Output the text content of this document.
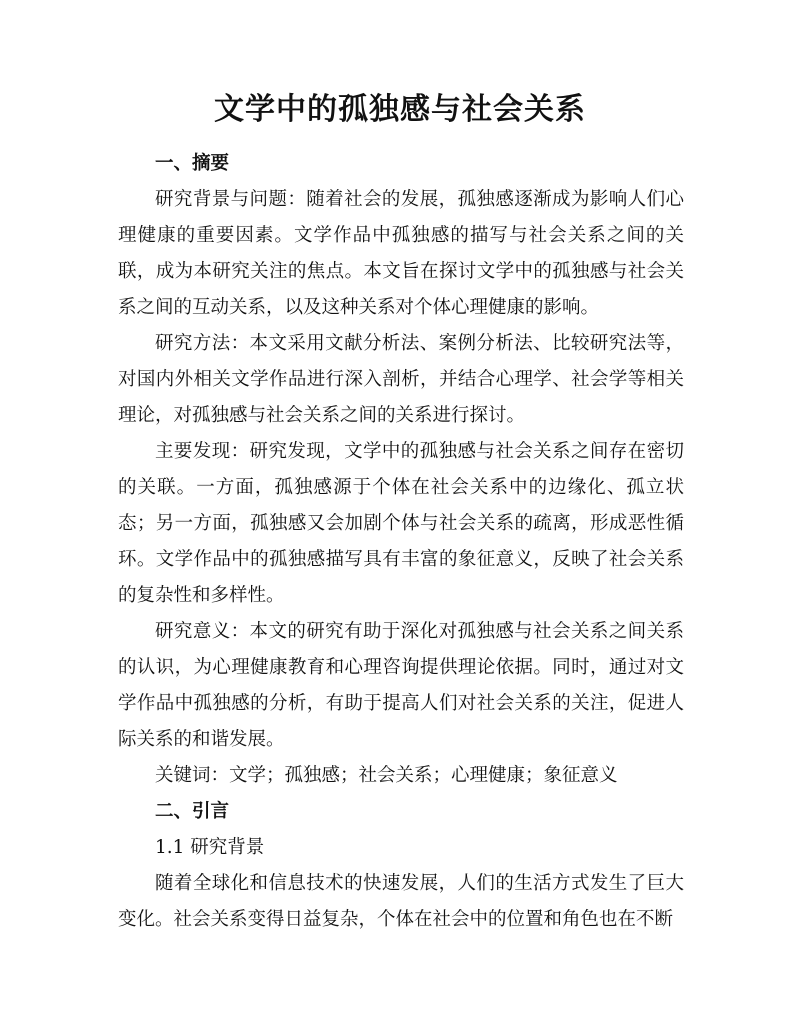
文学中的孤独感与社会关系
一、摘要

研究背景与问题：随着社会的发展，孤独感逐渐成为影响人们心理健康的重要因素。文学作品中孤独感的描写与社会关系之间的关联，成为本研究关注的焦点。本文旨在探讨文学中的孤独感与社会关系之间的互动关系，以及这种关系对个体心理健康的影响。

研究方法：本文采用文献分析法、案例分析法、比较研究法等，对国内外相关文学作品进行深入剖析，并结合心理学、社会学等相关理论，对孤独感与社会关系之间的关系进行探讨。

主要发现：研究发现，文学中的孤独感与社会关系之间存在密切的关联。一方面，孤独感源于个体在社会关系中的边缘化、孤立状态；另一方面，孤独感又会加剧个体与社会关系的疏离，形成恶性循环。文学作品中的孤独感描写具有丰富的象征意义，反映了社会关系的复杂性和多样性。

研究意义：本文的研究有助于深化对孤独感与社会关系之间关系的认识，为心理健康教育和心理咨询提供理论依据。同时，通过对文学作品中孤独感的分析，有助于提高人们对社会关系的关注，促进人际关系的和谐发展。

关键词：文学；孤独感；社会关系；心理健康；象征意义

二、引言

1.1 研究背景

随着全球化和信息技术的快速发展，人们的生活方式发生了巨大变化。社会关系变得日益复杂，个体在社会中的位置和角色也在不断
